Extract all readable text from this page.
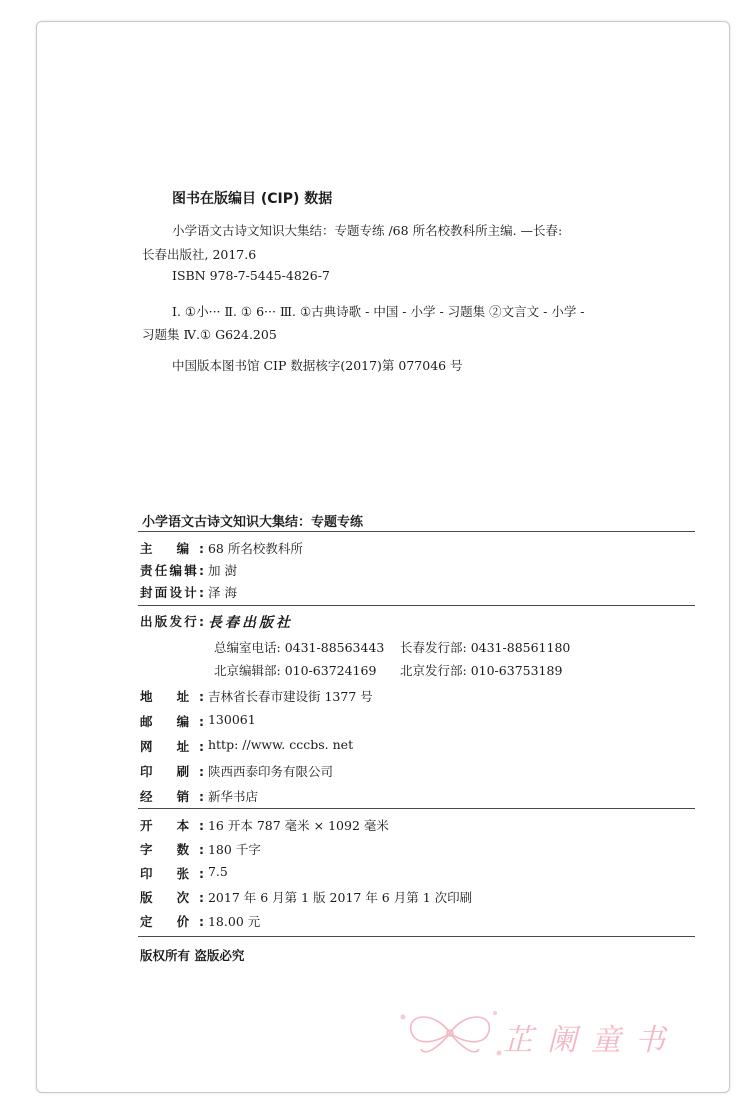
图书在版编目 (CIP) 数据
小学语文古诗文知识大集结：专题专练 /68 所名校教科所主编. —长春:
长春出版社, 2017.6
ISBN 978-7-5445-4826-7
Ⅰ. ①小··· Ⅱ. ① 6··· Ⅲ. ①古典诗歌 - 中国 - 小学 - 习题集 ②文言文 - 小学 -
习题集 Ⅳ.① G624.205
中国版本图书馆 CIP 数据核字(2017)第 077046 号
小学语文古诗文知识大集结：专题专练
主 编: 68 所名校教科所
责任编辑: 加 澍
封面设计: 泽 海
出版发行: 長春出版社
总编室电话: 0431-88563443 长春发行部: 0431-88561180
北京编辑部: 010-63724169 北京发行部: 010-63753189
地 址: 吉林省长春市建设街 1377 号
邮 编: 130061
网 址: http: //www. cccbs. net
印 刷: 陕西西泰印务有限公司
经 销: 新华书店
开 本: 16 开本 787 毫米 × 1092 毫米
字 数: 180 千字
印 张: 7.5
版 次: 2017 年 6 月第 1 版 2017 年 6 月第 1 次印刷
定 价: 18.00 元
版权所有 盗版必究
芷阑童书
